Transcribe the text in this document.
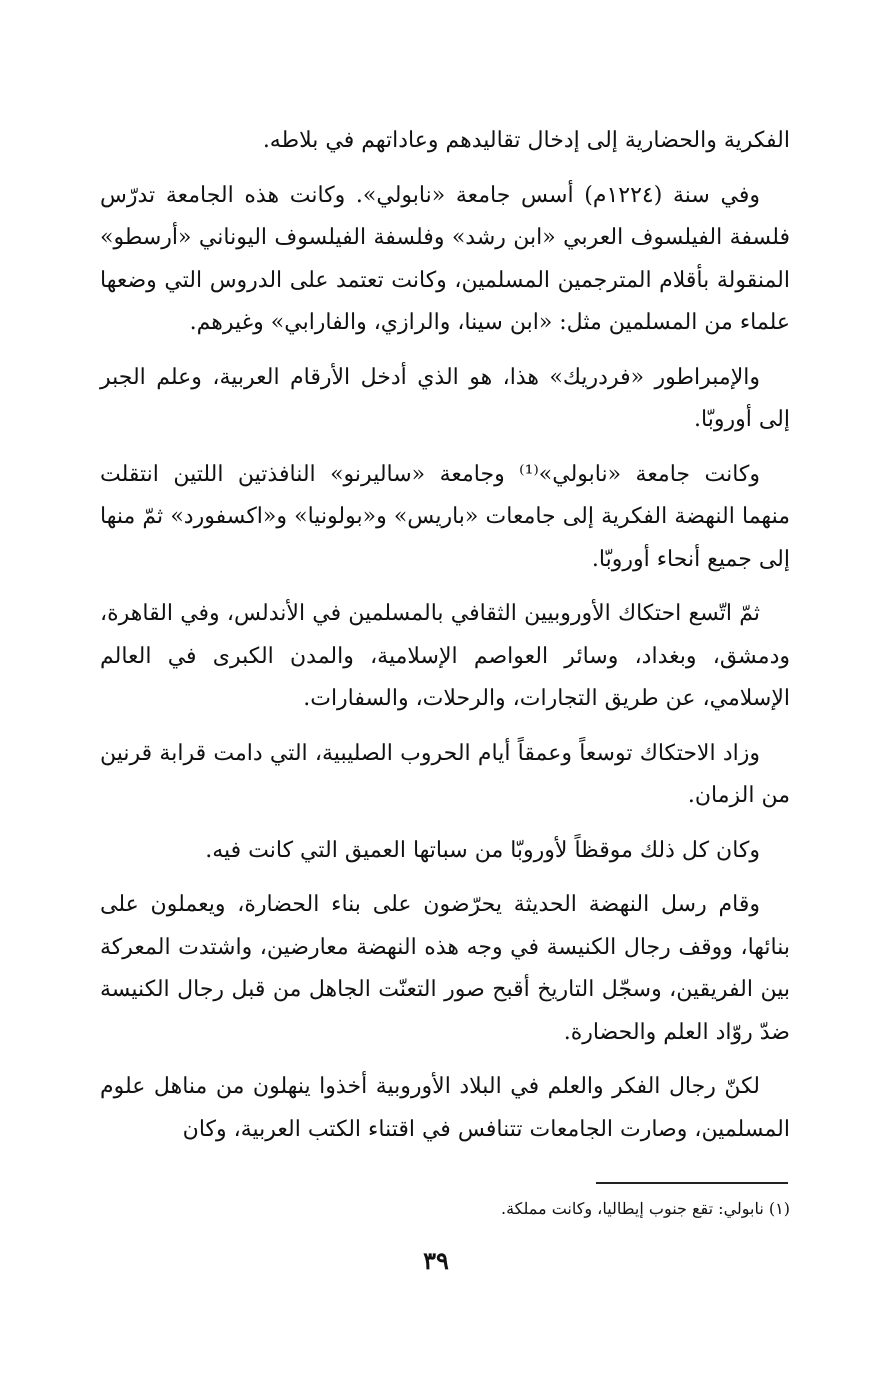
الفكرية والحضارية إلى إدخال تقاليدهم وعاداتهم في بلاطه.

وفي سنة (١٢٢٤م) أسس جامعة «نابولي». وكانت هذه الجامعة تدرّس فلسفة الفيلسوف العربي «ابن رشد» وفلسفة الفيلسوف اليوناني «أرسطو» المنقولة بأقلام المترجمين المسلمين، وكانت تعتمد على الدروس التي وضعها علماء من المسلمين مثل: «ابن سينا، والرازي، والفارابي» وغيرهم.

والإمبراطور «فردريك» هذا، هو الذي أدخل الأرقام العربية، وعلم الجبر إلى أوروبّا.

وكانت جامعة «نابولي»⁽¹⁾ وجامعة «ساليرنو» النافذتين اللتين انتقلت منهما النهضة الفكرية إلى جامعات «باريس» و«بولونيا» و«اكسفورد» ثمّ منها إلى جميع أنحاء أوروبّا.

ثمّ اتّسع احتكاك الأوروبيين الثقافي بالمسلمين في الأندلس، وفي القاهرة، ودمشق، وبغداد، وسائر العواصم الإسلامية، والمدن الكبرى في العالم الإسلامي، عن طريق التجارات، والرحلات، والسفارات.

وزاد الاحتكاك توسعاً وعمقاً أيام الحروب الصليبية، التي دامت قرابة قرنين من الزمان.

وكان كل ذلك موقظاً لأوروبّا من سباتها العميق التي كانت فيه.

وقام رسل النهضة الحديثة يحرّضون على بناء الحضارة، ويعملون على بنائها، ووقف رجال الكنيسة في وجه هذه النهضة معارضين، واشتدت المعركة بين الفريقين، وسجّل التاريخ أقبح صور التعنّت الجاهل من قبل رجال الكنيسة ضدّ روّاد العلم والحضارة.

لكنّ رجال الفكر والعلم في البلاد الأوروبية أخذوا ينهلون من مناهل علوم المسلمين، وصارت الجامعات تتنافس في اقتناء الكتب العربية، وكان

(١) نابولي: تقع جنوب إيطاليا، وكانت مملكة.
٣٩
